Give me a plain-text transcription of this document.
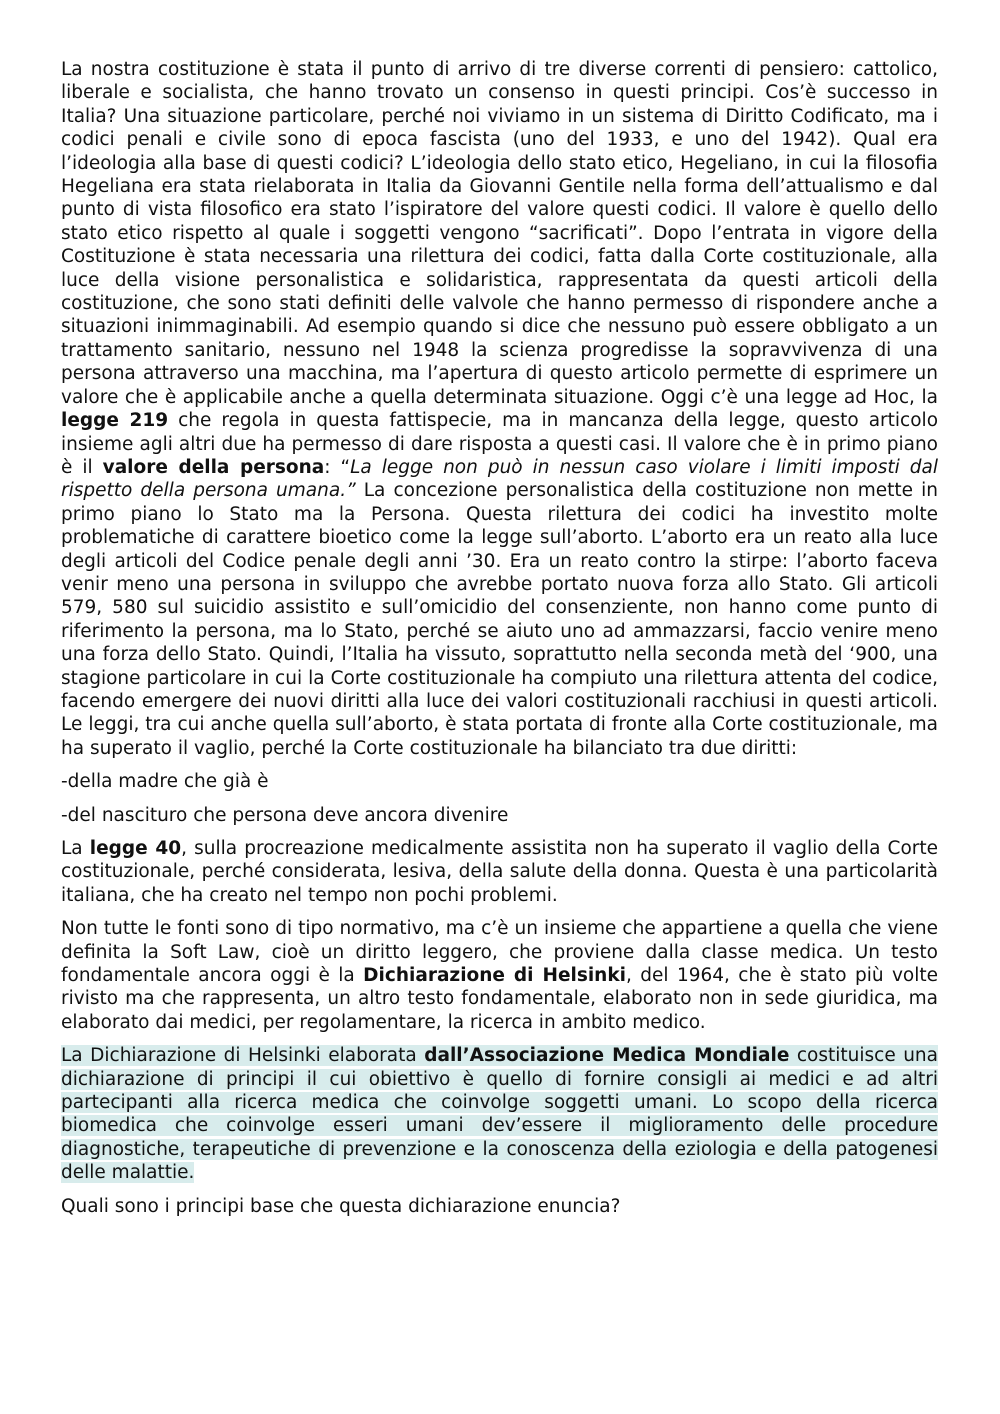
La nostra costituzione è stata il punto di arrivo di tre diverse correnti di pensiero: cattolico, liberale e socialista, che hanno trovato un consenso in questi principi. Cos’è successo in Italia? Una situazione particolare, perché noi viviamo in un sistema di Diritto Codificato, ma i codici penali e civile sono di epoca fascista (uno del 1933, e uno del 1942). Qual era l’ideologia alla base di questi codici? L’ideologia dello stato etico, Hegeliano, in cui la filosofia Hegeliana era stata rielaborata in Italia da Giovanni Gentile nella forma dell’attualismo e dal punto di vista filosofico era stato l’ispiratore del valore questi codici. Il valore è quello dello stato etico rispetto al quale i soggetti vengono “sacrificati”. Dopo l’entrata in vigore della Costituzione è stata necessaria una rilettura dei codici, fatta dalla Corte costituzionale, alla luce della visione personalistica e solidaristica, rappresentata da questi articoli della costituzione, che sono stati definiti delle valvole che hanno permesso di rispondere anche a situazioni inimmaginabili. Ad esempio quando si dice che nessuno può essere obbligato a un trattamento sanitario, nessuno nel 1948 la scienza progredisse la sopravvivenza di una persona attraverso una macchina, ma l’apertura di questo articolo permette di esprimere un valore che è applicabile anche a quella determinata situazione. Oggi c’è una legge ad Hoc, la legge 219 che regola in questa fattispecie, ma in mancanza della legge, questo articolo insieme agli altri due ha permesso di dare risposta a questi casi. Il valore che è in primo piano è il valore della persona: “La legge non può in nessun caso violare i limiti imposti dal rispetto della persona umana.” La concezione personalistica della costituzione non mette in primo piano lo Stato ma la Persona. Questa rilettura dei codici ha investito molte problematiche di carattere bioetico come la legge sull’aborto. L’aborto era un reato alla luce degli articoli del Codice penale degli anni ’30. Era un reato contro la stirpe: l’aborto faceva venir meno una persona in sviluppo che avrebbe portato nuova forza allo Stato. Gli articoli 579, 580 sul suicidio assistito e sull’omicidio del consenziente, non hanno come punto di riferimento la persona, ma lo Stato, perché se aiuto uno ad ammazzarsi, faccio venire meno una forza dello Stato. Quindi, l’Italia ha vissuto, soprattutto nella seconda metà del ‘900, una stagione particolare in cui la Corte costituzionale ha compiuto una rilettura attenta del codice, facendo emergere dei nuovi diritti alla luce dei valori costituzionali racchiusi in questi articoli. Le leggi, tra cui anche quella sull’aborto, è stata portata di fronte alla Corte costituzionale, ma ha superato il vaglio, perché la Corte costituzionale ha bilanciato tra due diritti:

-della madre che già è

-del nascituro che persona deve ancora divenire

La legge 40, sulla procreazione medicalmente assistita non ha superato il vaglio della Corte costituzionale, perché considerata, lesiva, della salute della donna. Questa è una particolarità italiana, che ha creato nel tempo non pochi problemi.

Non tutte le fonti sono di tipo normativo, ma c’è un insieme che appartiene a quella che viene definita la Soft Law, cioè un diritto leggero, che proviene dalla classe medica. Un testo fondamentale ancora oggi è la Dichiarazione di Helsinki, del 1964, che è stato più volte rivisto ma che rappresenta, un altro testo fondamentale, elaborato non in sede giuridica, ma elaborato dai medici, per regolamentare, la ricerca in ambito medico.

La Dichiarazione di Helsinki elaborata dall’Associazione Medica Mondiale costituisce una dichiarazione di principi il cui obiettivo è quello di fornire consigli ai medici e ad altri partecipanti alla ricerca medica che coinvolge soggetti umani. Lo scopo della ricerca biomedica che coinvolge esseri umani dev’essere il miglioramento delle procedure diagnostiche, terapeutiche di prevenzione e la conoscenza della eziologia e della patogenesi delle malattie.

Quali sono i principi base che questa dichiarazione enuncia?
